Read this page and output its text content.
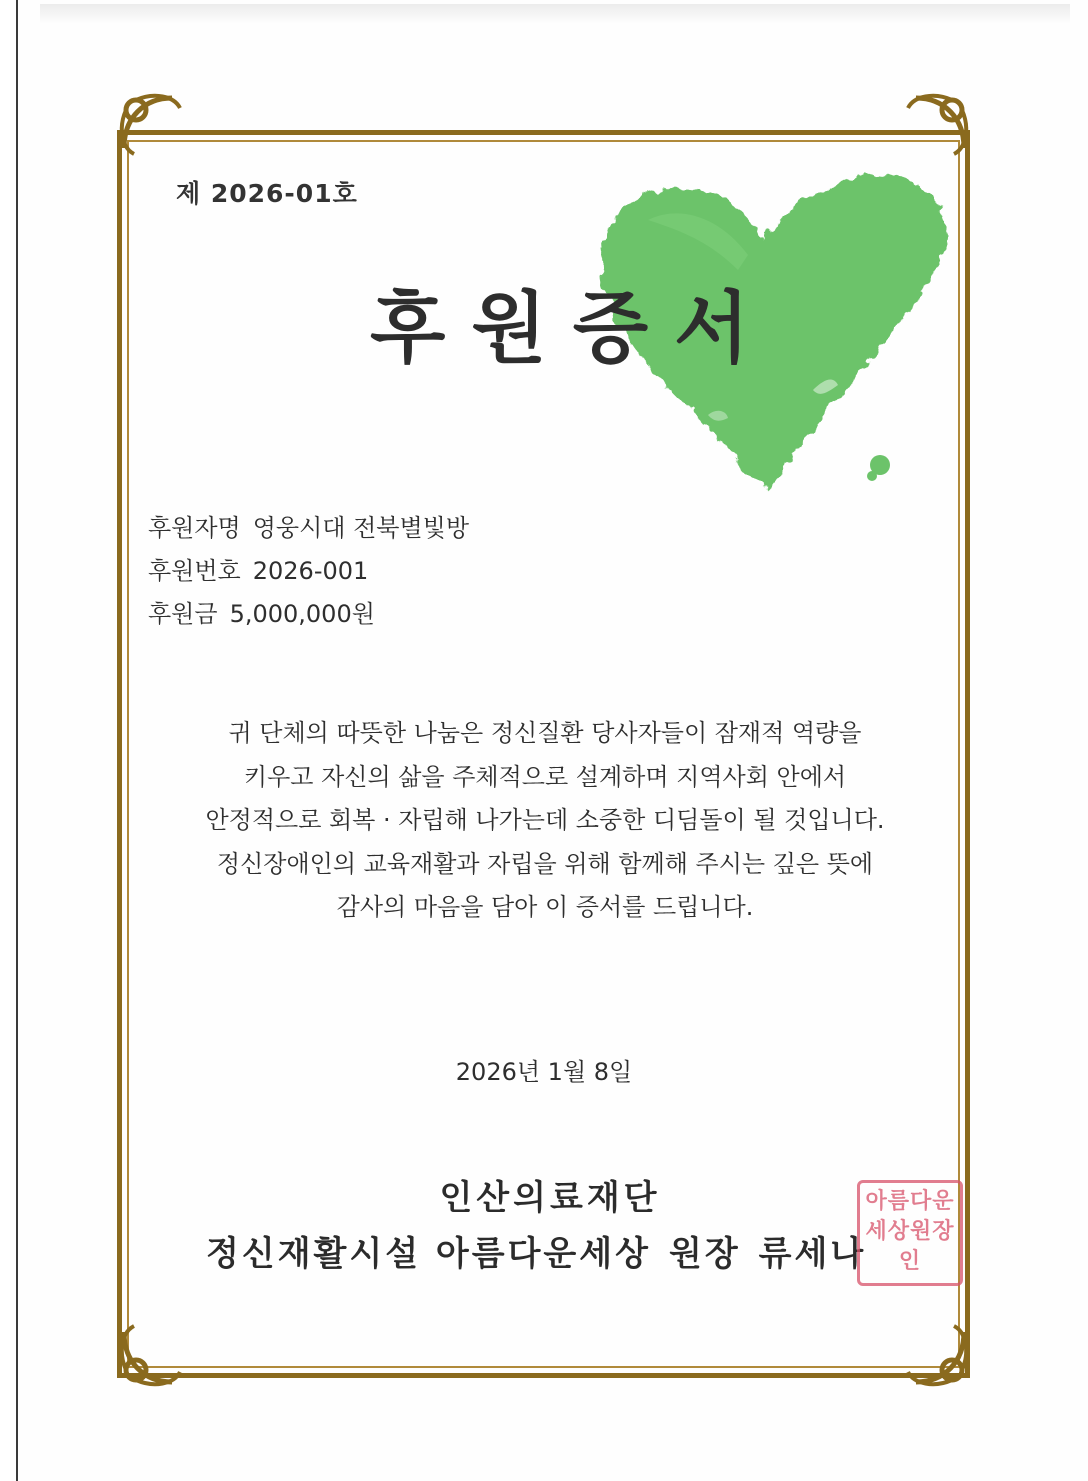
제 2026-01호
후원증서
후원자명 영웅시대 전북별빛방
후원번호 2026-001
후원금 5,000,000원
귀 단체의 따뜻한 나눔은 정신질환 당사자들이 잠재적 역량을
키우고 자신의 삶을 주체적으로 설계하며 지역사회 안에서
안정적으로 회복 · 자립해 나가는데 소중한 디딤돌이 될 것입니다.
정신장애인의 교육재활과 자립을 위해 함께해 주시는 깊은 뜻에
감사의 마음을 담아 이 증서를 드립니다.
2026년 1월 8일
인산의료재단
정신재활시설 아름다운세상 원장 류세나
아름다운세상원장인
